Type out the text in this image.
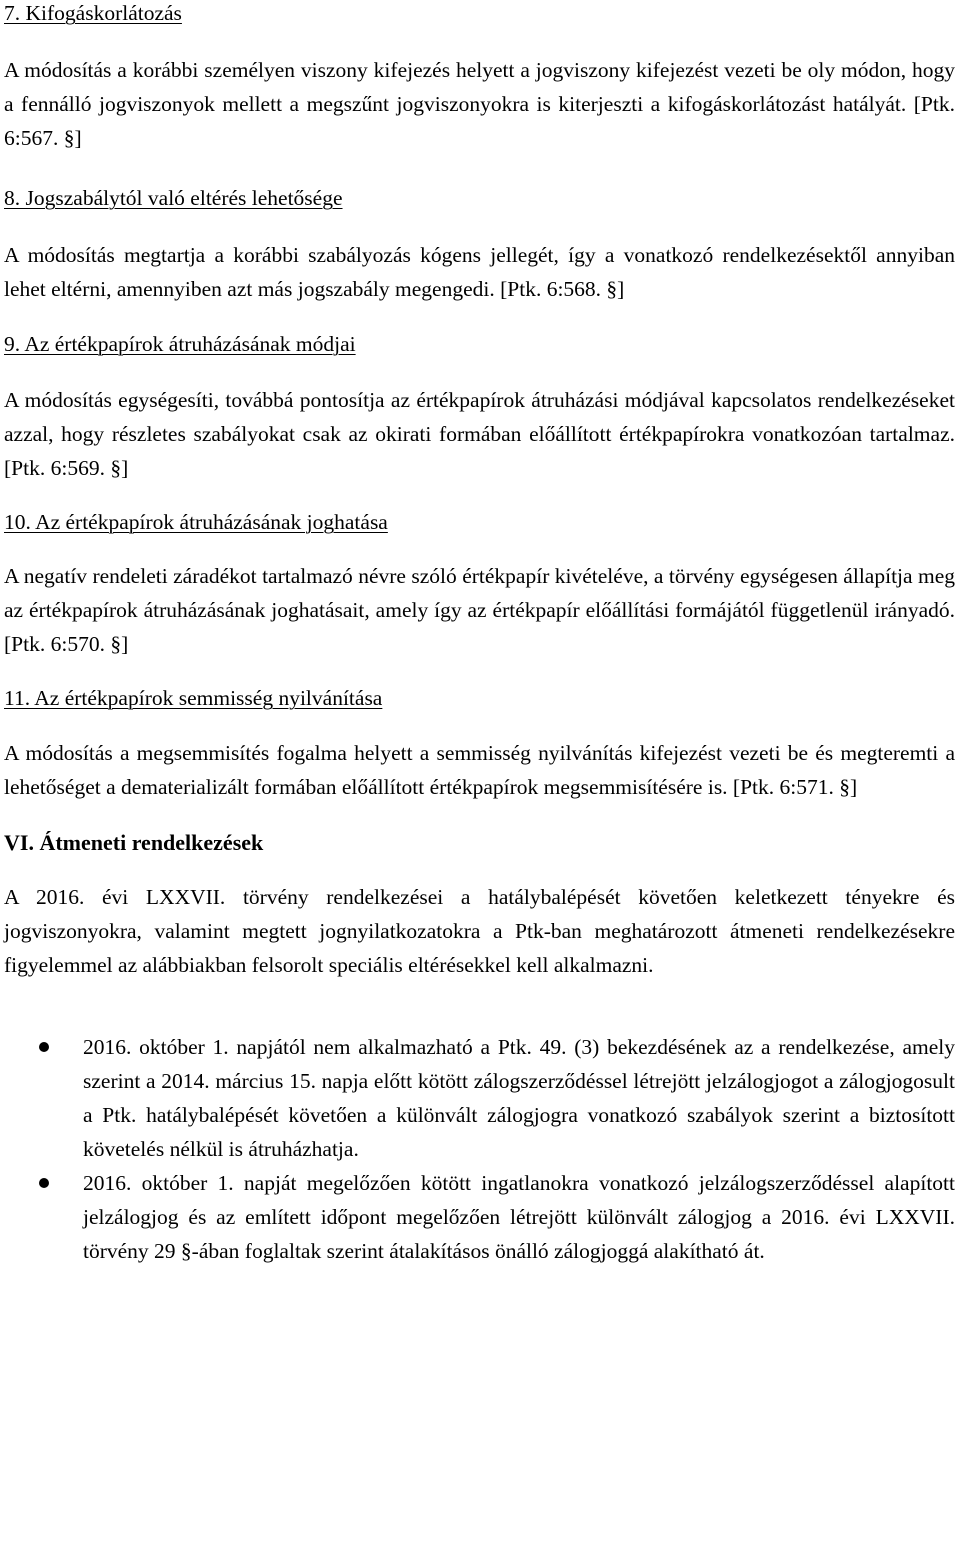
7. Kifogáskorlátozás

A módosítás a korábbi személyen viszony kifejezés helyett a jogviszony kifejezést vezeti be oly módon, hogy a fennálló jogviszonyok mellett a megszűnt jogviszonyokra is kiterjeszti a kifogáskorlátozást hatályát. [Ptk. 6:567. §]

8. Jogszabálytól való eltérés lehetősége

A módosítás megtartja a korábbi szabályozás kógens jellegét, így a vonatkozó rendelkezésektől annyiban lehet eltérni, amennyiben azt más jogszabály megengedi. [Ptk. 6:568. §]

9. Az értékpapírok átruházásának módjai

A módosítás egységesíti, továbbá pontosítja az értékpapírok átruházási módjával kapcsolatos rendelkezéseket azzal, hogy részletes szabályokat csak az okirati formában előállított értékpapírokra vonatkozóan tartalmaz. [Ptk. 6:569. §]

10. Az értékpapírok átruházásának joghatása

A negatív rendeleti záradékot tartalmazó névre szóló értékpapír kivételéve, a törvény egységesen állapítja meg az értékpapírok átruházásának joghatásait, amely így az értékpapír előállítási formájától függetlenül irányadó. [Ptk. 6:570. §]

11. Az értékpapírok semmisség nyilvánítása

A módosítás a megsemmisítés fogalma helyett a semmisség nyilvánítás kifejezést vezeti be és megteremti a lehetőséget a dematerializált formában előállított értékpapírok megsemmisítésére is. [Ptk. 6:571. §]

VI. Átmeneti rendelkezések

A 2016. évi LXXVII. törvény rendelkezései a hatálybalépését követően keletkezett tényekre és jogviszonyokra, valamint megtett jognyilatkozatokra a Ptk-ban meghatározott átmeneti rendelkezésekre figyelemmel az alábbiakban felsorolt speciális eltérésekkel kell alkalmazni.

2016. október 1. napjától nem alkalmazható a Ptk. 49. (3) bekezdésének az a rendelkezése, amely szerint a 2014. március 15. napja előtt kötött zálogszerződéssel létrejött jelzálogjogot a zálogjogosult a Ptk. hatálybalépését követően a különvált zálogjogra vonatkozó szabályok szerint a biztosított követelés nélkül is átruházhatja.
2016. október 1. napját megelőzően kötött ingatlanokra vonatkozó jelzálogszerződéssel alapított jelzálogjog és az említett időpont megelőzően létrejött különvált zálogjog a 2016. évi LXXVII. törvény 29 §-ában foglaltak szerint átalakításos önálló zálogjoggá alakítható át.
